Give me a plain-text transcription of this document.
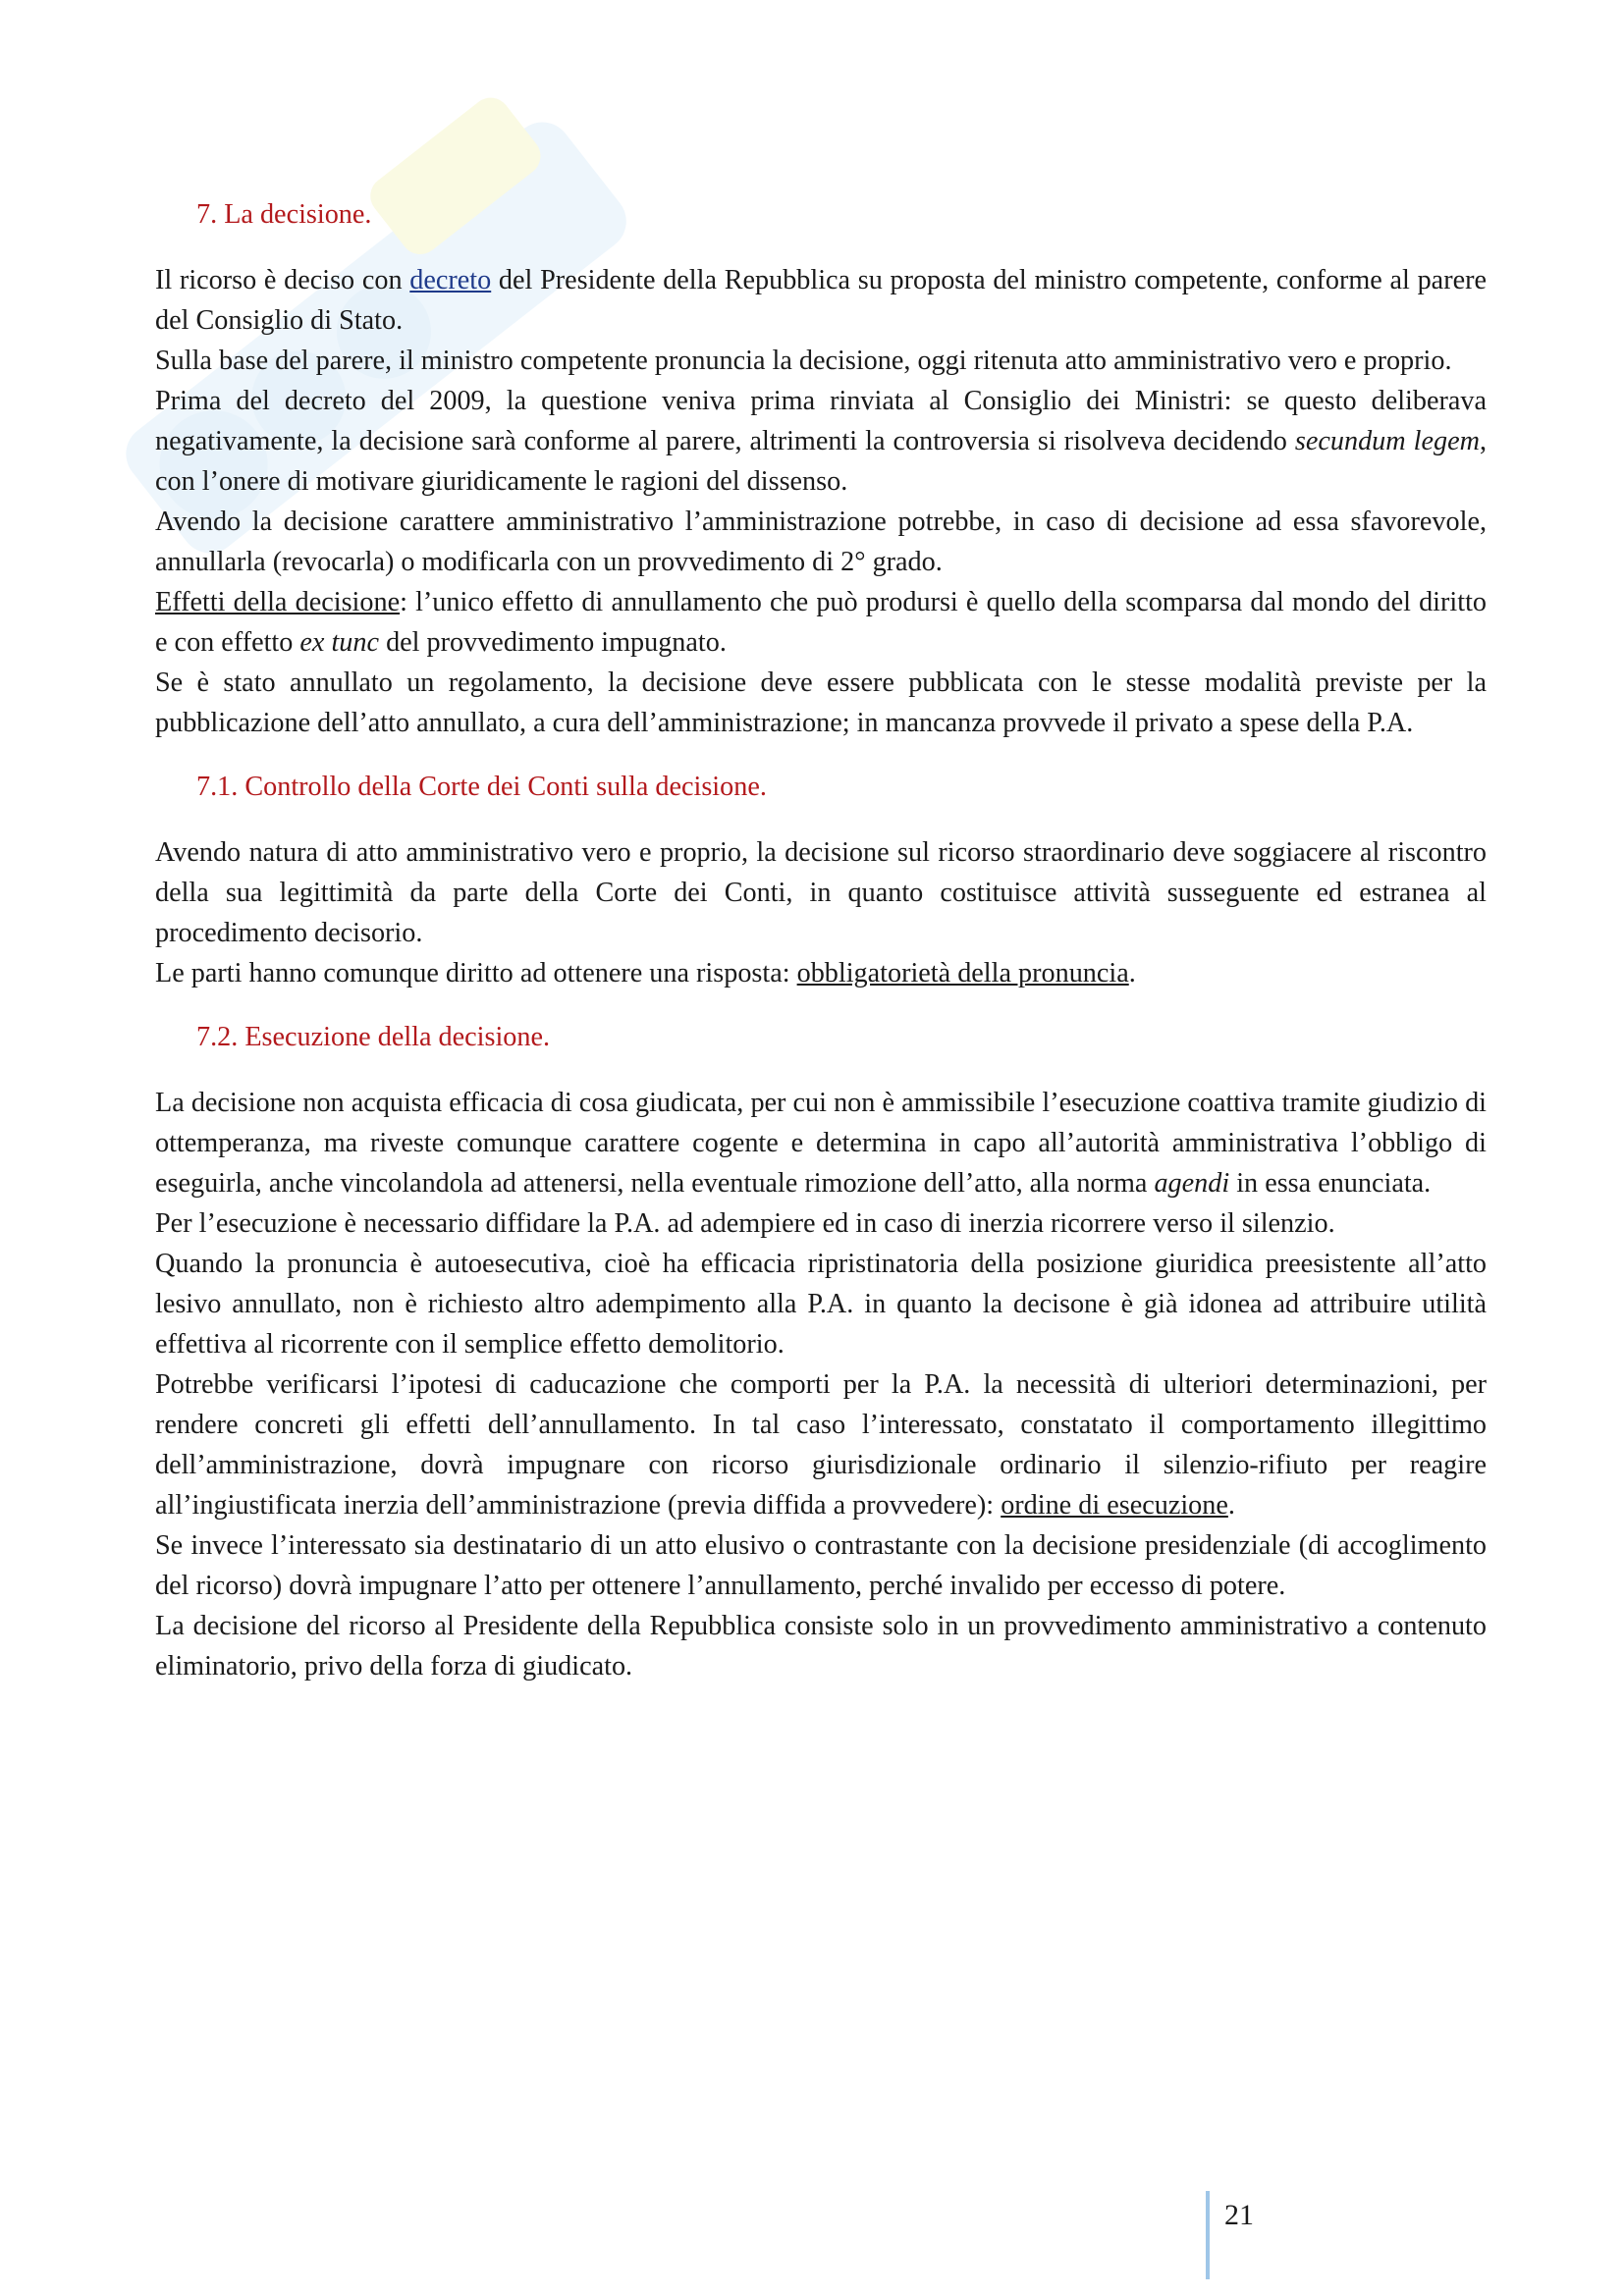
7. La decisione.

Il ricorso è deciso con decreto del Presidente della Repubblica su proposta del ministro competente, conforme al parere del Consiglio di Stato.

Sulla base del parere, il ministro competente pronuncia la decisione, oggi ritenuta atto amministrativo vero e proprio.

Prima del decreto del 2009, la questione veniva prima rinviata al Consiglio dei Ministri: se questo deliberava negativamente, la decisione sarà conforme al parere, altrimenti la controversia si risolveva decidendo secundum legem, con l’onere di motivare giuridicamente le ragioni del dissenso.

Avendo la decisione carattere amministrativo l’amministrazione potrebbe, in caso di decisione ad essa sfavorevole, annullarla (revocarla) o modificarla con un provvedimento di 2° grado.

Effetti della decisione: l’unico effetto di annullamento che può prodursi è quello della scomparsa dal mondo del diritto e con effetto ex tunc del provvedimento impugnato.

Se è stato annullato un regolamento, la decisione deve essere pubblicata con le stesse modalità previste per la pubblicazione dell’atto annullato, a cura dell’amministrazione; in mancanza provvede il privato a spese della P.A.

7.1. Controllo della Corte dei Conti sulla decisione.

Avendo natura di atto amministrativo vero e proprio, la decisione sul ricorso straordinario deve soggiacere al riscontro della sua legittimità da parte della Corte dei Conti, in quanto costituisce attività susseguente ed estranea al procedimento decisorio.

Le parti hanno comunque diritto ad ottenere una risposta: obbligatorietà della pronuncia.

7.2. Esecuzione della decisione.

La decisione non acquista efficacia di cosa giudicata, per cui non è ammissibile l’esecuzione coattiva tramite giudizio di ottemperanza, ma riveste comunque carattere cogente e determina in capo all’autorità amministrativa l’obbligo di eseguirla, anche vincolandola ad attenersi, nella eventuale rimozione dell’atto, alla norma agendi in essa enunciata.

Per l’esecuzione è necessario diffidare la P.A. ad adempiere ed in caso di inerzia ricorrere verso il silenzio.

Quando la pronuncia è autoesecutiva, cioè ha efficacia ripristinatoria della posizione giuridica preesistente all’atto lesivo annullato, non è richiesto altro adempimento alla P.A. in quanto la decisone è già idonea ad attribuire utilità effettiva al ricorrente con il semplice effetto demolitorio.

Potrebbe verificarsi l’ipotesi di caducazione che comporti per la P.A. la necessità di ulteriori determinazioni, per rendere concreti gli effetti dell’annullamento. In tal caso l’interessato, constatato il comportamento illegittimo dell’amministrazione, dovrà impugnare con ricorso giurisdizionale ordinario il silenzio-rifiuto per reagire all’ingiustificata inerzia dell’amministrazione (previa diffida a provvedere): ordine di esecuzione.

Se invece l’interessato sia destinatario di un atto elusivo o contrastante con la decisione presidenziale (di accoglimento del ricorso) dovrà impugnare l’atto per ottenere l’annullamento, perché invalido per eccesso di potere.

La decisione del ricorso al Presidente della Repubblica consiste solo in un provvedimento amministrativo a contenuto eliminatorio, privo della forza di giudicato.

21
